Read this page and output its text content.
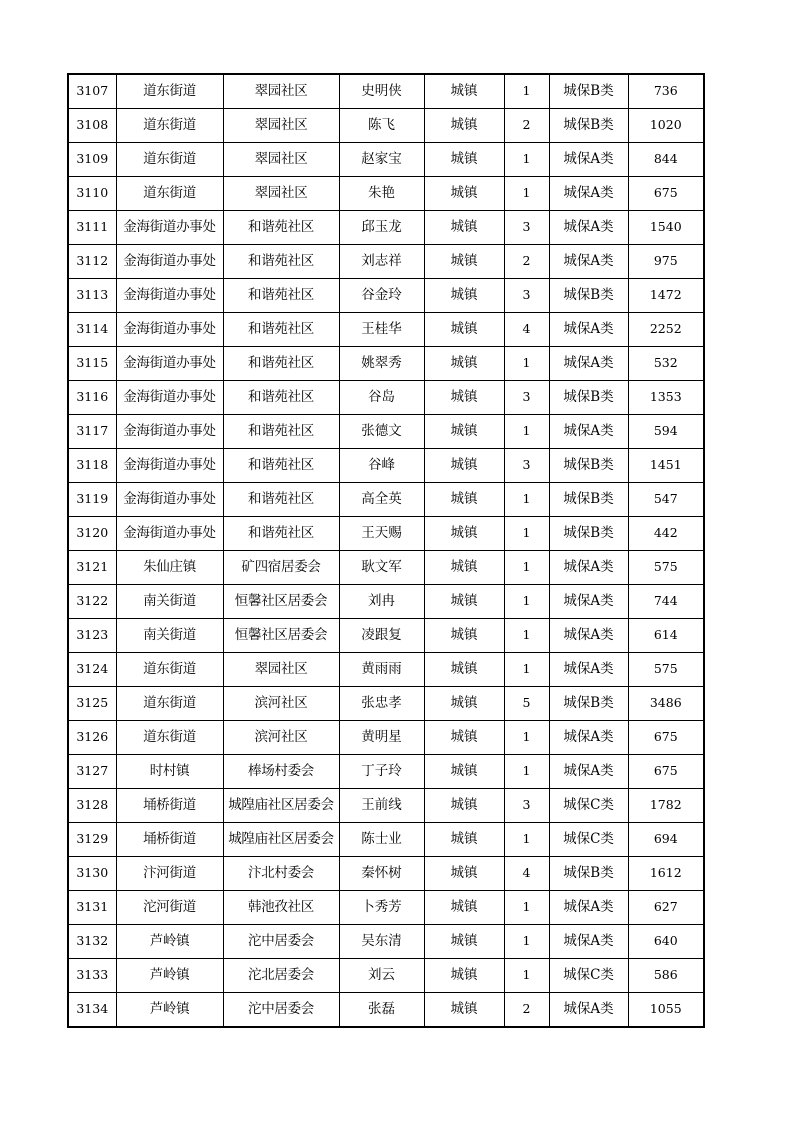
3107	道东街道	翠园社区	史明侠	城镇	1	城保B类	736
3108	道东街道	翠园社区	陈飞	城镇	2	城保B类	1020
3109	道东街道	翠园社区	赵家宝	城镇	1	城保A类	844
3110	道东街道	翠园社区	朱艳	城镇	1	城保A类	675
3111	金海街道办事处	和谐苑社区	邱玉龙	城镇	3	城保A类	1540
3112	金海街道办事处	和谐苑社区	刘志祥	城镇	2	城保A类	975
3113	金海街道办事处	和谐苑社区	谷金玲	城镇	3	城保B类	1472
3114	金海街道办事处	和谐苑社区	王桂华	城镇	4	城保A类	2252
3115	金海街道办事处	和谐苑社区	姚翠秀	城镇	1	城保A类	532
3116	金海街道办事处	和谐苑社区	谷岛	城镇	3	城保B类	1353
3117	金海街道办事处	和谐苑社区	张德文	城镇	1	城保A类	594
3118	金海街道办事处	和谐苑社区	谷峰	城镇	3	城保B类	1451
3119	金海街道办事处	和谐苑社区	高全英	城镇	1	城保B类	547
3120	金海街道办事处	和谐苑社区	王天赐	城镇	1	城保B类	442
3121	朱仙庄镇	矿四宿居委会	耿文军	城镇	1	城保A类	575
3122	南关街道	恒馨社区居委会	刘冉	城镇	1	城保A类	744
3123	南关街道	恒馨社区居委会	凌跟复	城镇	1	城保A类	614
3124	道东街道	翠园社区	黄雨雨	城镇	1	城保A类	575
3125	道东街道	滨河社区	张忠孝	城镇	5	城保B类	3486
3126	道东街道	滨河社区	黄明星	城镇	1	城保A类	675
3127	时村镇	棒场村委会	丁子玲	城镇	1	城保A类	675
3128	埇桥街道	城隍庙社区居委会	王前线	城镇	3	城保C类	1782
3129	埇桥街道	城隍庙社区居委会	陈士业	城镇	1	城保C类	694
3130	汴河街道	汴北村委会	秦怀树	城镇	4	城保B类	1612
3131	沱河街道	韩池孜社区	卜秀芳	城镇	1	城保A类	627
3132	芦岭镇	沱中居委会	吴东清	城镇	1	城保A类	640
3133	芦岭镇	沱北居委会	刘云	城镇	1	城保C类	586
3134	芦岭镇	沱中居委会	张磊	城镇	2	城保A类	1055
